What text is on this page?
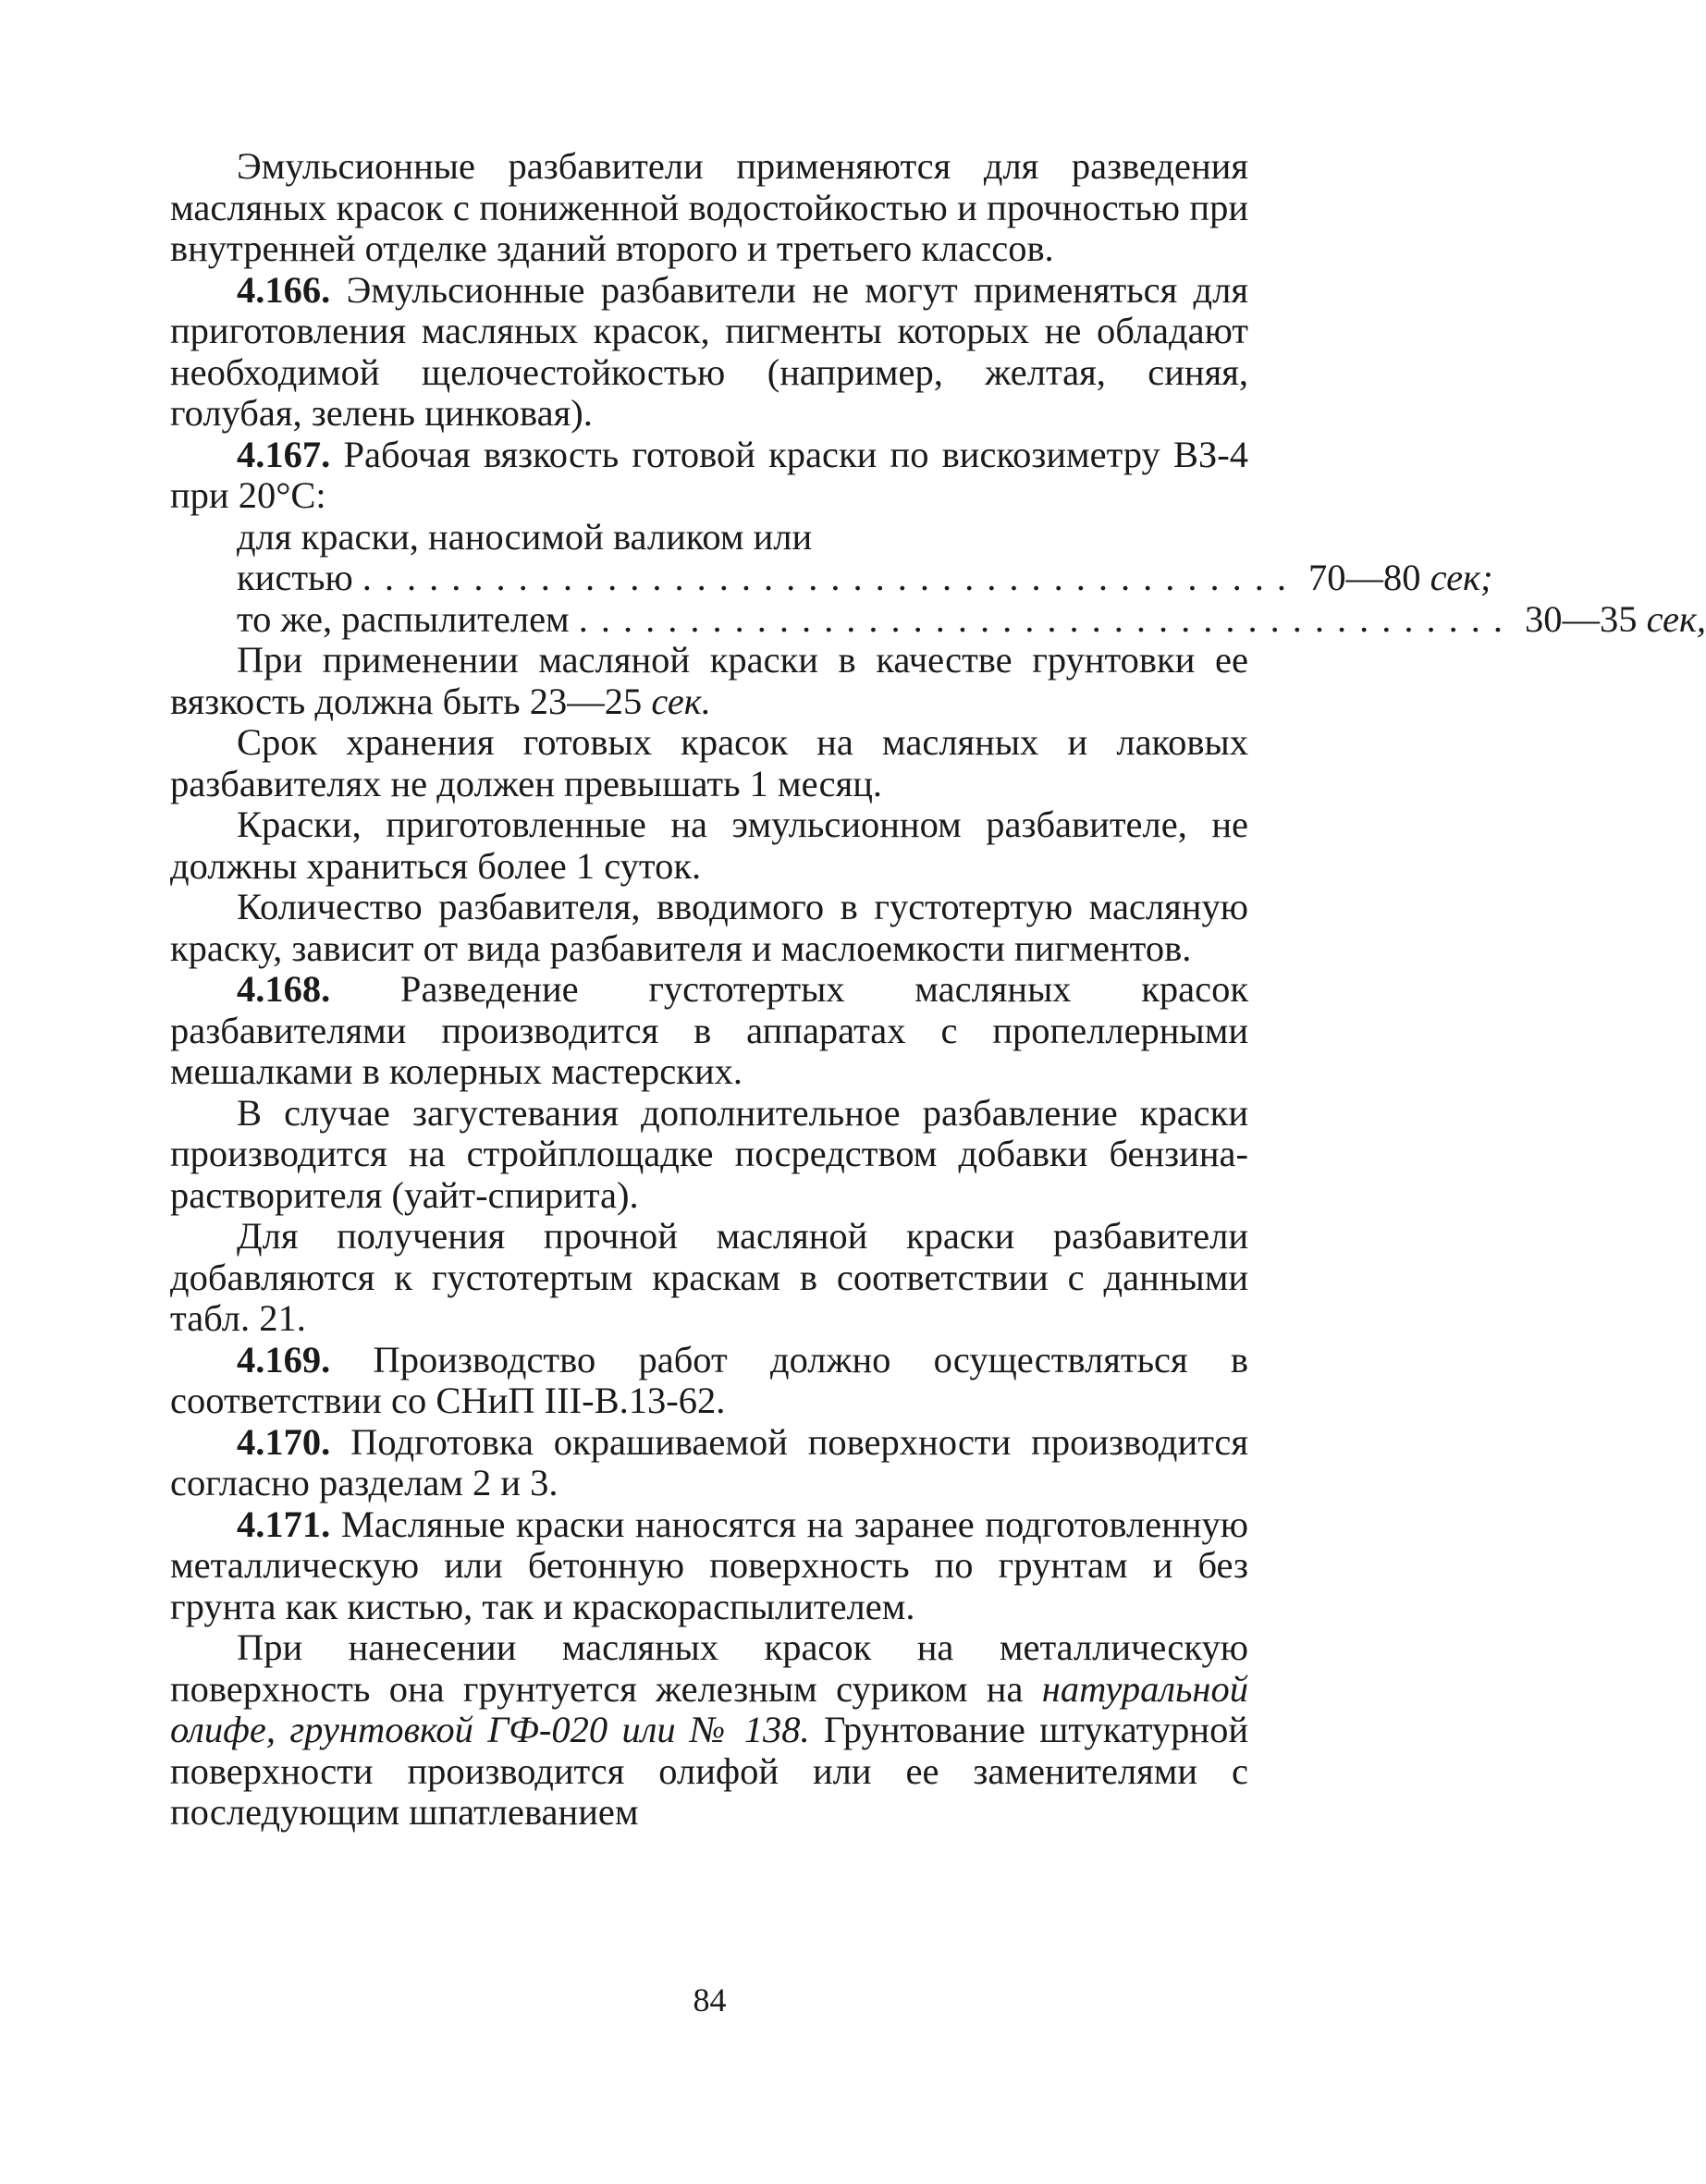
Эмульсионные разбавители применяются для разведения масляных красок с пониженной водостойкостью и прочностью при внутренней отделке зданий второго и третьего классов.

4.166. Эмульсионные разбавители не могут применяться для приготовления масляных красок, пигменты которых не обладают необходимой щелочестойкостью (например, желтая, синяя, голубая, зелень цинковая).

4.167. Рабочая вязкость готовой краски по вискозиметру ВЗ-4 при 20°С:

для краски, наносимой валиком или
кистью .......................................... 70—80 сек;
то же, распылителем .......................................... 30—35 сек,

При применении масляной краски в качестве грунтовки ее вязкость должна быть 23—25 сек.

Срок хранения готовых красок на масляных и лаковых разбавителях не должен превышать 1 месяц.

Краски, приготовленные на эмульсионном разбавителе, не должны храниться более 1 суток.

Количество разбавителя, вводимого в густотертую масляную краску, зависит от вида разбавителя и маслоемкости пигментов.

4.168. Разведение густотертых масляных красок разбавителями производится в аппаратах с пропеллерными мешалками в колерных мастерских.

В случае загустевания дополнительное разбавление краски производится на стройплощадке посредством добавки бензина-растворителя (уайт-спирита).

Для получения прочной масляной краски разбавители добавляются к густотертым краскам в соответствии с данными табл. 21.

4.169. Производство работ должно осуществляться в соответствии со СНиП III-В.13-62.

4.170. Подготовка окрашиваемой поверхности производится согласно разделам 2 и 3.

4.171. Масляные краски наносятся на заранее подготовленную металлическую или бетонную поверхность по грунтам и без грунта как кистью, так и краскораспылителем.

При нанесении масляных красок на металлическую поверхность она грунтуется железным суриком на натуральной олифе, грунтовкой ГФ-020 или № 138. Грунтование штукатурной поверхности производится олифой или ее заменителями с последующим шпатлеванием

84
